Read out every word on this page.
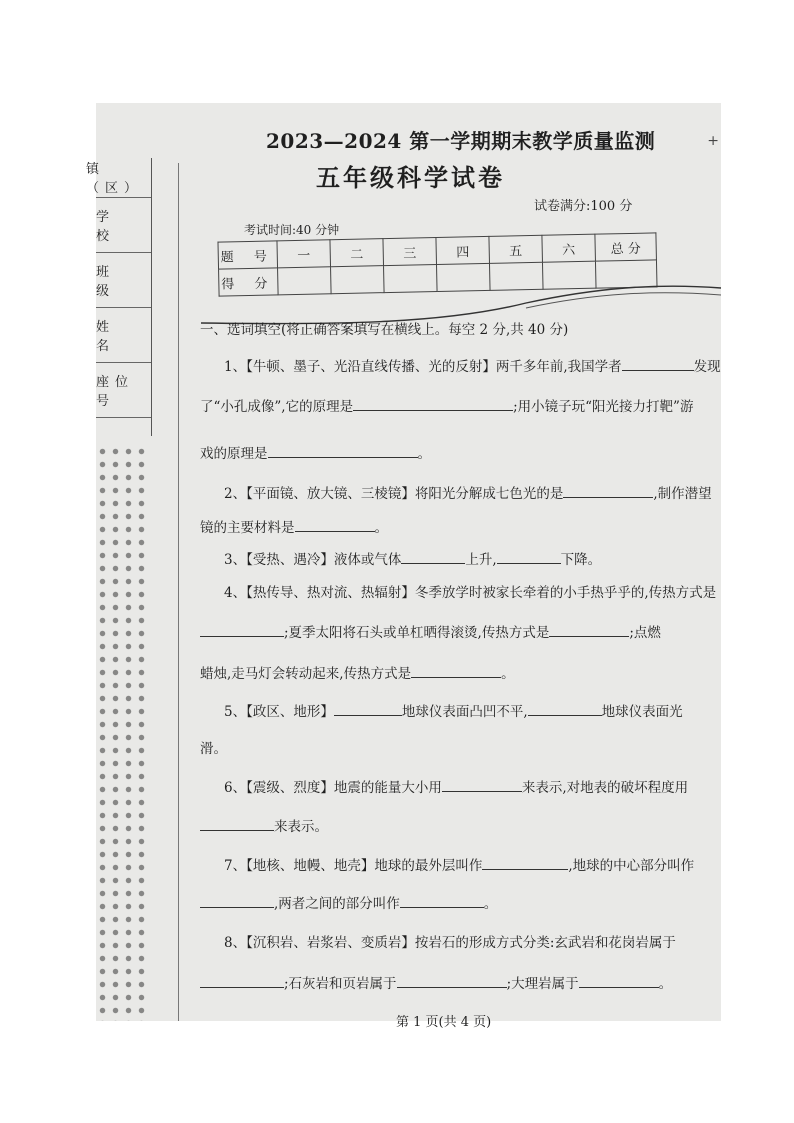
镇（区）
学 校
班 级
姓 名
座位号
+
2023—2024 第一学期期末教学质量监测
五年级科学试卷
试卷满分:100 分
考试时间:40 分钟
题 号	一	二	三	四	五	六	总 分
得 分							
一、选词填空(将正确答案填写在横线上。每空 2 分,共 40 分)
1、【牛顿、墨子、光沿直线传播、光的反射】两千多年前,我国学者	发现
了“小孔成像”,它的原理是	;用小镜子玩“阳光接力打靶”游
戏的原理是	。
2、【平面镜、放大镜、三棱镜】将阳光分解成七色光的是	,制作潜望
镜的主要材料是	。
3、【受热、遇冷】液体或气体	上升,	下降。
4、【热传导、热对流、热辐射】冬季放学时被家长牵着的小手热乎乎的,传热方式是
;夏季太阳将石头或单杠晒得滚烫,传热方式是	;点燃
蜡烛,走马灯会转动起来,传热方式是	。
5、【政区、地形】	地球仪表面凸凹不平,	地球仪表面光
滑。
6、【震级、烈度】地震的能量大小用	来表示,对地表的破坏程度用
来表示。
7、【地核、地幔、地壳】地球的最外层叫作	,地球的中心部分叫作
,两者之间的部分叫作	。
8、【沉积岩、岩浆岩、变质岩】按岩石的形成方式分类:玄武岩和花岗岩属于
;石灰岩和页岩属于	;大理岩属于	。
第 1 页(共 4 页)
